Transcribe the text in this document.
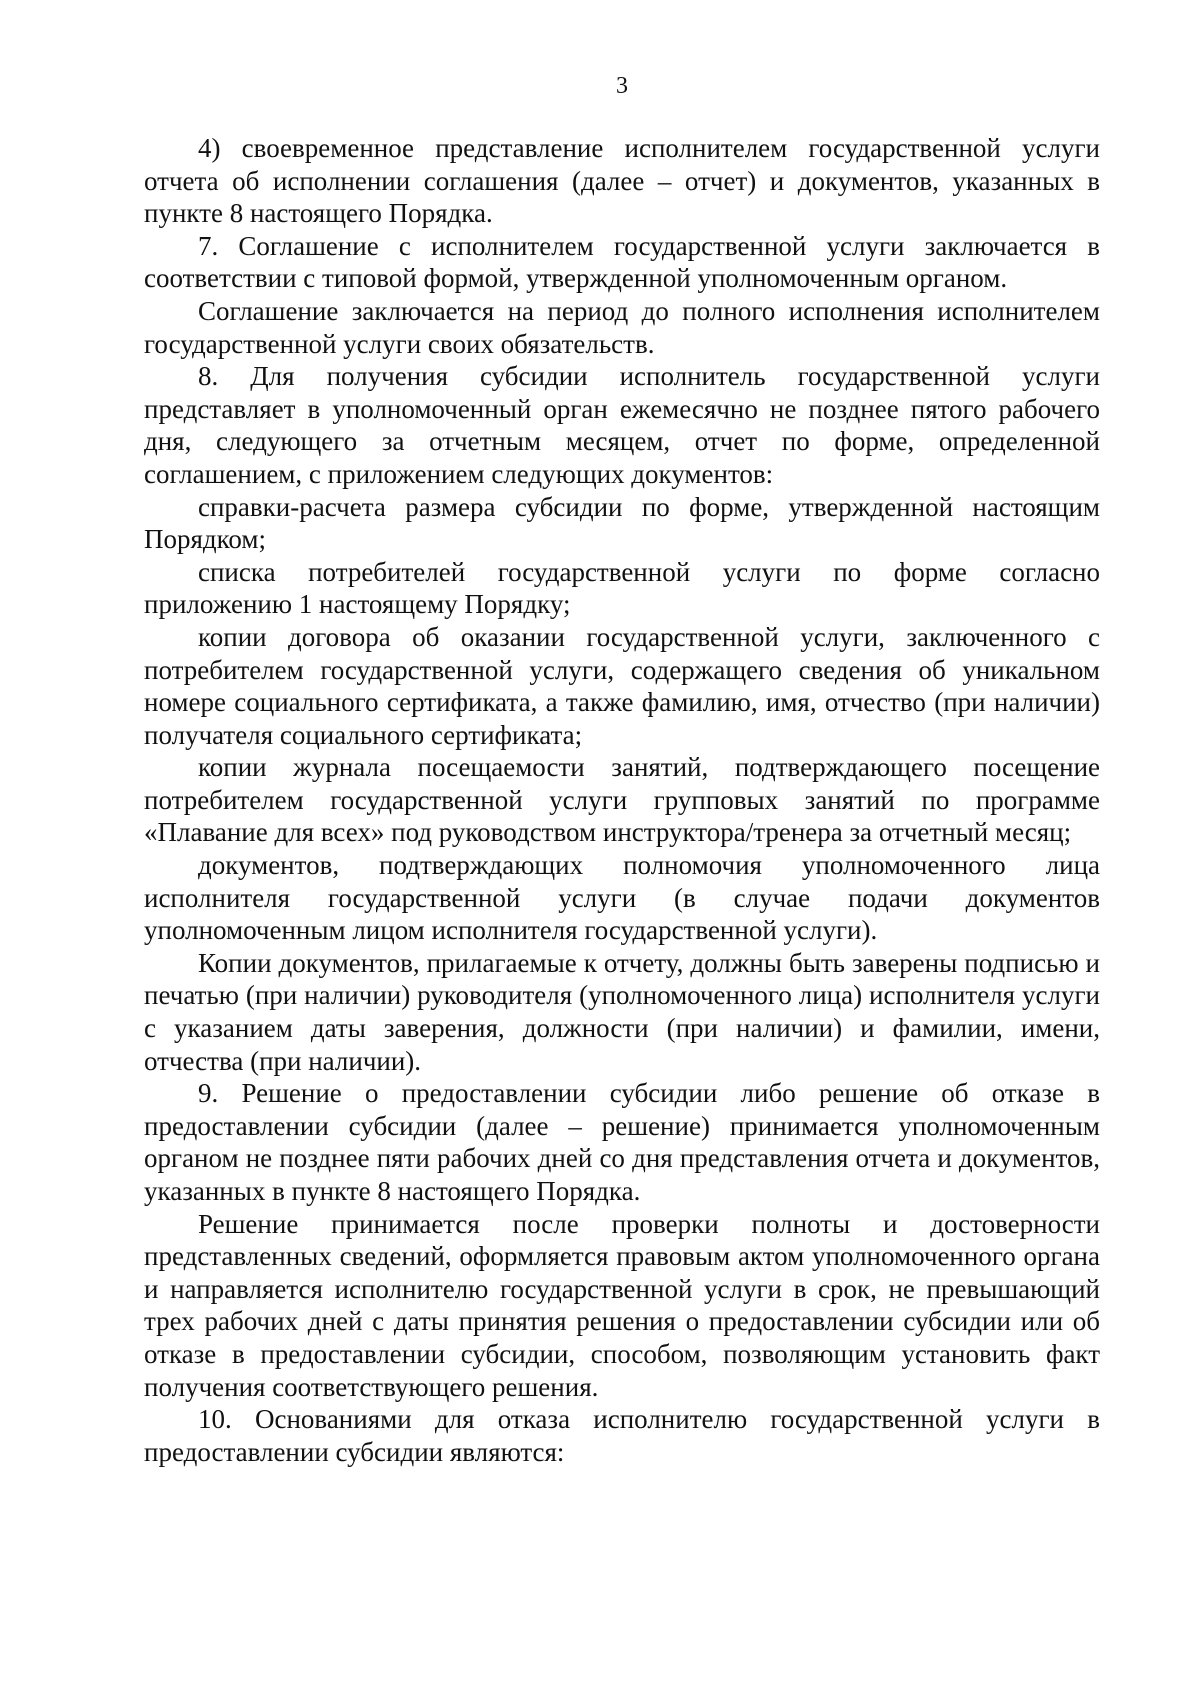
3

4) своевременное представление исполнителем государственной услуги отчета об исполнении соглашения (далее – отчет) и документов, указанных в пункте 8 настоящего Порядка.

7. Соглашение с исполнителем государственной услуги заключается в соответствии с типовой формой, утвержденной уполномоченным органом.

Соглашение заключается на период до полного исполнения исполнителем государственной услуги своих обязательств.

8. Для получения субсидии исполнитель государственной услуги представляет в уполномоченный орган ежемесячно не позднее пятого рабочего дня, следующего за отчетным месяцем, отчет по форме, определенной соглашением, с приложением следующих документов:

справки-расчета размера субсидии по форме, утвержденной настоящим Порядком;

списка потребителей государственной услуги по форме согласно приложению 1 настоящему Порядку;

копии договора об оказании государственной услуги, заключенного с потребителем государственной услуги, содержащего сведения об уникальном номере социального сертификата, а также фамилию, имя, отчество (при наличии) получателя социального сертификата;

копии журнала посещаемости занятий, подтверждающего посещение потребителем государственной услуги групповых занятий по программе «Плавание для всех» под руководством инструктора/тренера за отчетный месяц;

документов, подтверждающих полномочия уполномоченного лица исполнителя государственной услуги (в случае подачи документов уполномоченным лицом исполнителя государственной услуги).

Копии документов, прилагаемые к отчету, должны быть заверены подписью и печатью (при наличии) руководителя (уполномоченного лица) исполнителя услуги с указанием даты заверения, должности (при наличии) и фамилии, имени, отчества (при наличии).

9. Решение о предоставлении субсидии либо решение об отказе в предоставлении субсидии (далее – решение) принимается уполномоченным органом не позднее пяти рабочих дней со дня представления отчета и документов, указанных в пункте 8 настоящего Порядка.

Решение принимается после проверки полноты и достоверности представленных сведений, оформляется правовым актом уполномоченного органа и направляется исполнителю государственной услуги в срок, не превышающий трех рабочих дней с даты принятия решения о предоставлении субсидии или об отказе в предоставлении субсидии, способом, позволяющим установить факт получения соответствующего решения.

10. Основаниями для отказа исполнителю государственной услуги в предоставлении субсидии являются:
